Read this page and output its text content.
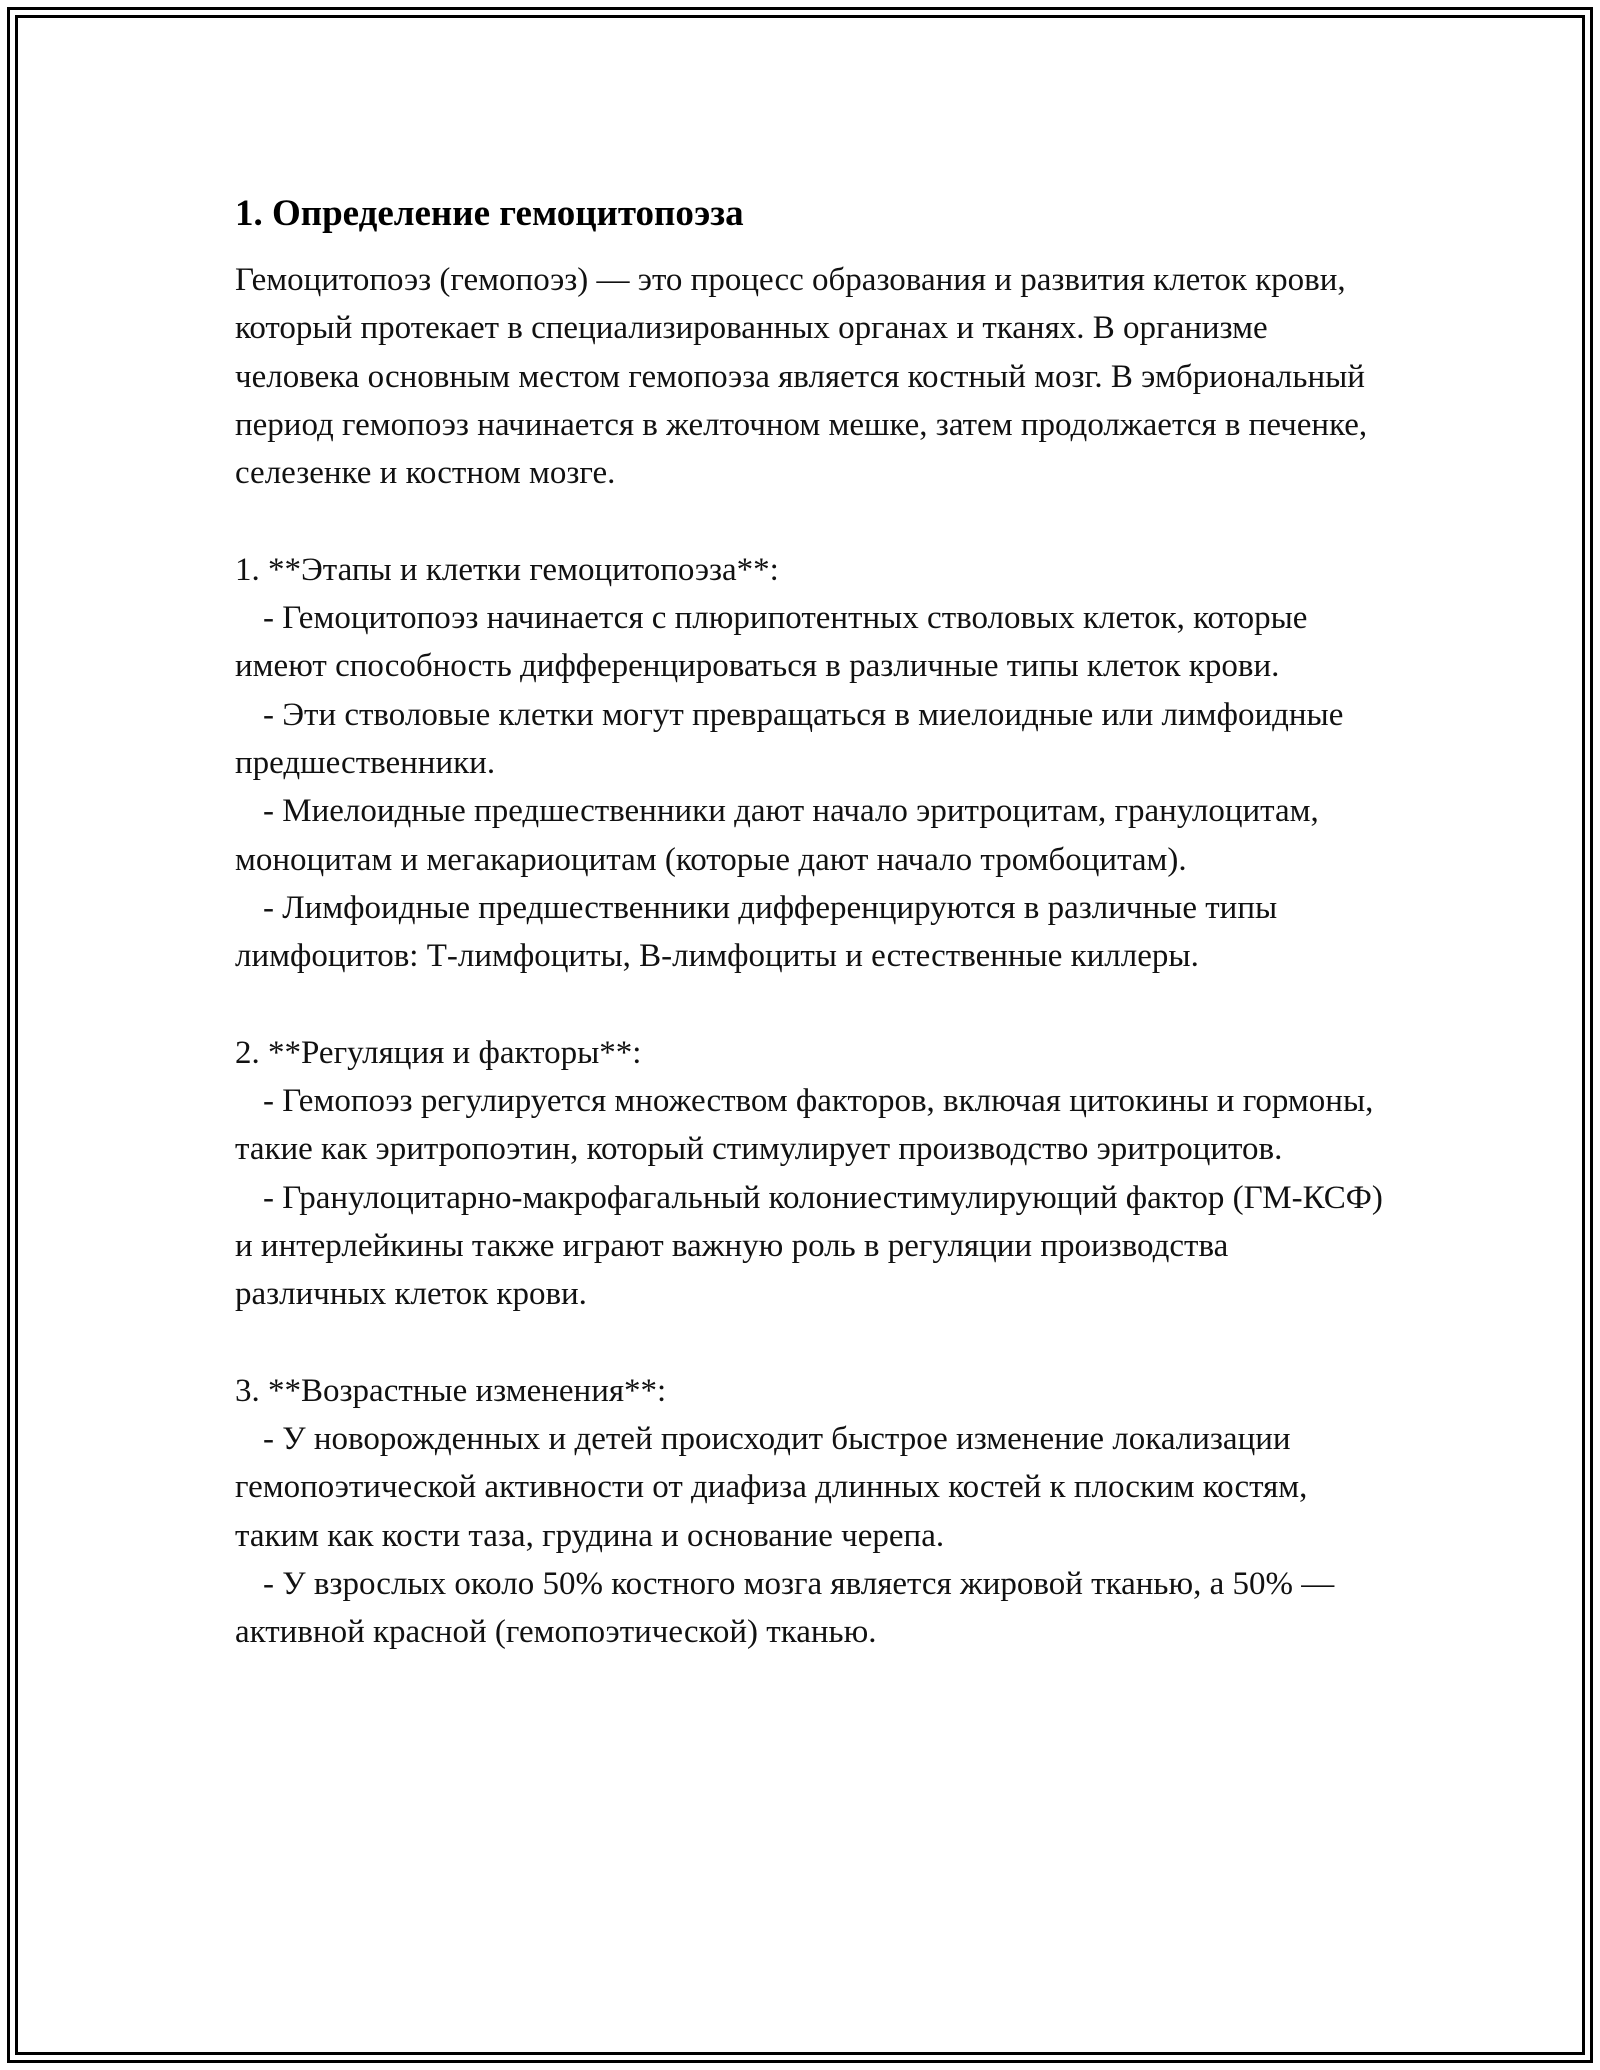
1. Определение гемоцитопоэза

Гемоцитопоэз (гемопоэз) — это процесс образования и развития клеток крови, который протекает в специализированных органах и тканях. В организме человека основным местом гемопоэза является костный мозг. В эмбриональный период гемопоэз начинается в желточном мешке, затем продолжается в печенке, селезенке и костном мозге.

1. **Этапы и клетки гемоцитопоэза**:

- Гемоцитопоэз начинается с плюрипотентных стволовых клеток, которые имеют способность дифференцироваться в различные типы клеток крови.

- Эти стволовые клетки могут превращаться в миелоидные или лимфоидные предшественники.

- Миелоидные предшественники дают начало эритроцитам, гранулоцитам, моноцитам и мегакариоцитам (которые дают начало тромбоцитам).

- Лимфоидные предшественники дифференцируются в различные типы лимфоцитов: Т-лимфоциты, В-лимфоциты и естественные киллеры.

2. **Регуляция и факторы**:

- Гемопоэз регулируется множеством факторов, включая цитокины и гормоны, такие как эритропоэтин, который стимулирует производство эритроцитов.

- Гранулоцитарно-макрофагальный колониестимулирующий фактор (ГМ-КСФ) и интерлейкины также играют важную роль в регуляции производства различных клеток крови.

3. **Возрастные изменения**:

- У новорожденных и детей происходит быстрое изменение локализации гемопоэтической активности от диафиза длинных костей к плоским костям, таким как кости таза, грудина и основание черепа.

- У взрослых около 50% костного мозга является жировой тканью, а 50% — активной красной (гемопоэтической) тканью.
